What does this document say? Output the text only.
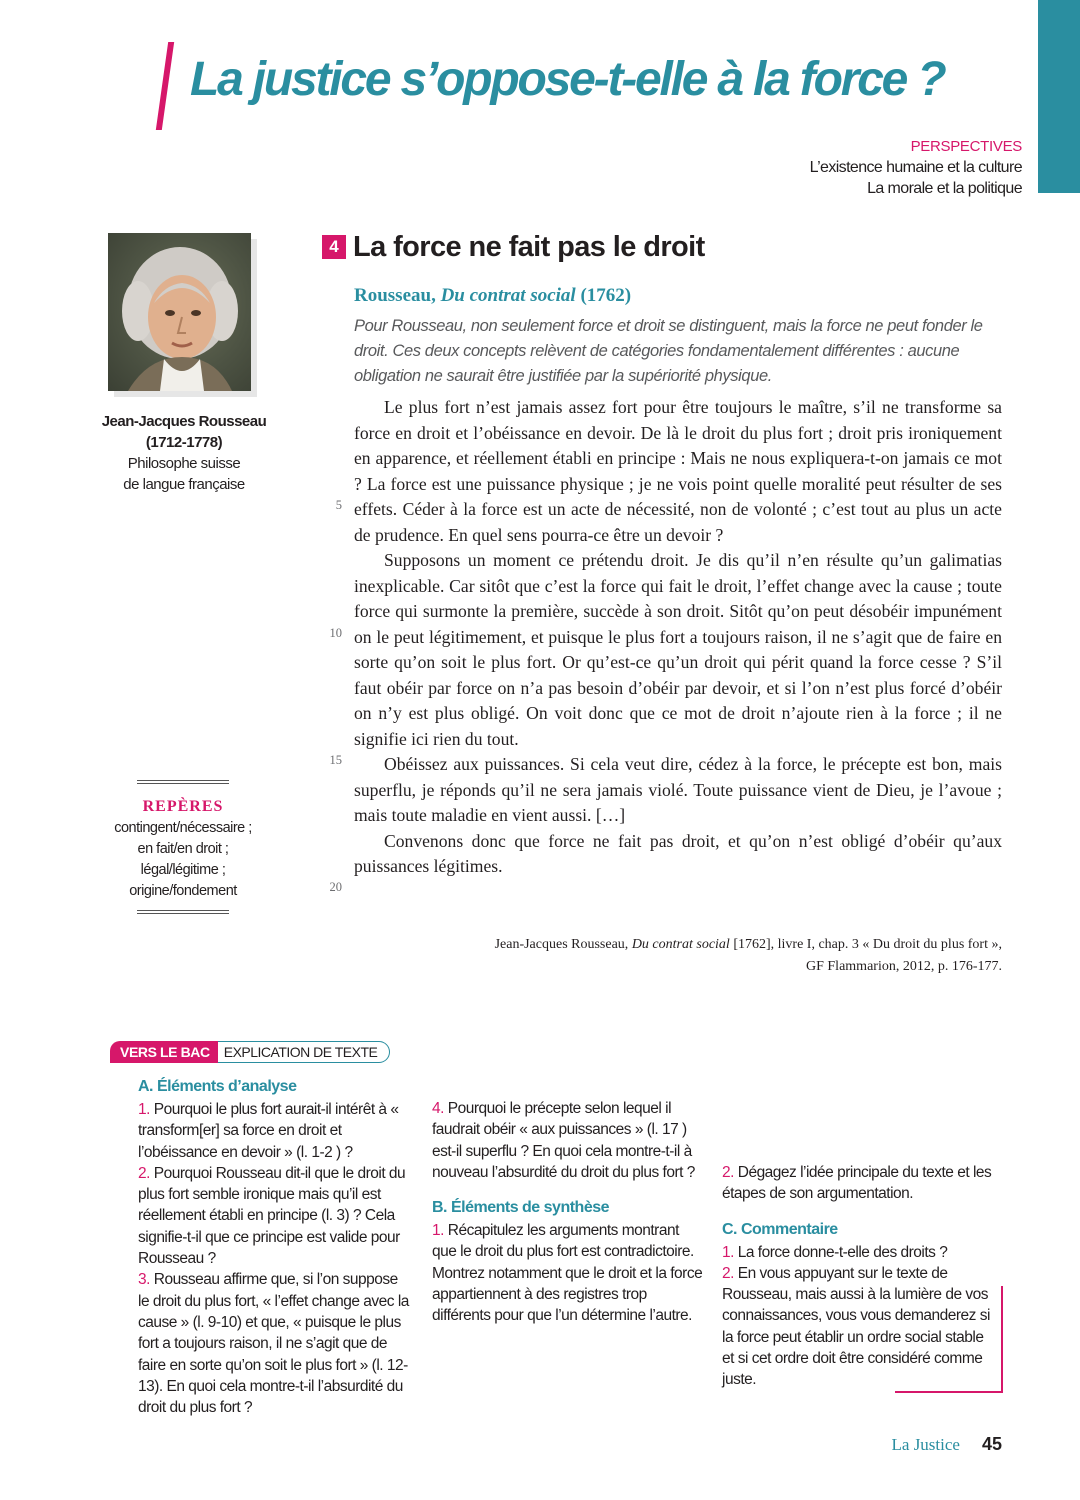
La justice s’oppose-t-elle à la force ?
PERSPECTIVES
L’existence humaine et la culture
La morale et la politique
Jean-Jacques Rousseau
(1712-1778)
Philosophe suisse
de langue française
REPÈRES
contingent/nécessaire ;
en fait/en droit ;
légal/légitime ;
origine/fondement
4 La force ne fait pas le droit
Rousseau, Du contrat social (1762)

Pour Rousseau, non seulement force et droit se distinguent, mais la force ne peut fonder le droit. Ces deux concepts relèvent de catégories fondamentalement différentes : aucune obligation ne saurait être justifiée par la supériorité physique.

Le plus fort n’est jamais assez fort pour être toujours le maître, s’il ne transforme sa force en droit et l’obéissance en devoir. De là le droit du plus fort ; droit pris ironiquement en apparence, et réellement établi en principe : Mais ne nous expliquera-t-on jamais ce mot ? La force est une puissance physique ; je ne vois point quelle moralité peut résulter de ses effets. Céder à la force est un acte de nécessité, non de volonté ; c’est tout au plus un acte de prudence. En quel sens pourra-ce être un devoir ?

Supposons un moment ce prétendu droit. Je dis qu’il n’en résulte qu’un galimatias inexplicable. Car sitôt que c’est la force qui fait le droit, l’effet change avec la cause ; toute force qui surmonte la première, succède à son droit. Sitôt qu’on peut désobéir impunément on le peut légitimement, et puisque le plus fort a toujours raison, il ne s’agit que de faire en sorte qu’on soit le plus fort. Or qu’est-ce qu’un droit qui périt quand la force cesse ? S’il faut obéir par force on n’a pas besoin d’obéir par devoir, et si l’on n’est plus forcé d’obéir on n’y est plus obligé. On voit donc que ce mot de droit n’ajoute rien à la force ; il ne signifie ici rien du tout.

Obéissez aux puissances. Si cela veut dire, cédez à la force, le précepte est bon, mais superflu, je réponds qu’il ne sera jamais violé. Toute puissance vient de Dieu, je l’avoue ; mais toute maladie en vient aussi. […]

Convenons donc que force ne fait pas droit, et qu’on n’est obligé d’obéir qu’aux puissances légitimes.

5
10
15
20
Jean-Jacques Rousseau, Du contrat social [1762], livre I, chap. 3 « Du droit du plus fort »,
GF Flammarion, 2012, p. 176-177.
VERS LE BAC	EXPLICATION DE TEXTE
A. Éléments d’analyse
1. Pourquoi le plus fort aurait-il intérêt à « transform[er] sa force en droit et l’obéissance en devoir » (l. 1-2 ) ?
2. Pourquoi Rousseau dit-il que le droit du plus fort semble ironique mais qu’il est réellement établi en principe (l. 3) ? Cela signifie-t-il que ce principe est valide pour Rousseau ?
3. Rousseau affirme que, si l’on suppose le droit du plus fort, « l’effet change avec la cause » (l. 9-10) et que, « puisque le plus fort a toujours raison, il ne s’agit que de faire en sorte qu’on soit le plus fort » (l. 12-13). En quoi cela montre-t-il l’absurdité du droit du plus fort ?
4. Pourquoi le précepte selon lequel il faudrait obéir « aux puissances » (l. 17 ) est-il superflu ? En quoi cela montre-t-il à nouveau l’absurdité du droit du plus fort ?
B. Éléments de synthèse
1. Récapitulez les arguments montrant que le droit du plus fort est contradictoire. Montrez notamment que le droit et la force appartiennent à des registres trop différents pour que l’un détermine l’autre.
2. Dégagez l’idée principale du texte et les étapes de son argumentation.
C. Commentaire
1. La force donne-t-elle des droits ?
2. En vous appuyant sur le texte de Rousseau, mais aussi à la lumière de vos connaissances, vous vous demanderez si la force peut établir un ordre social stable et si cet ordre doit être considéré comme juste.
La Justice 45
